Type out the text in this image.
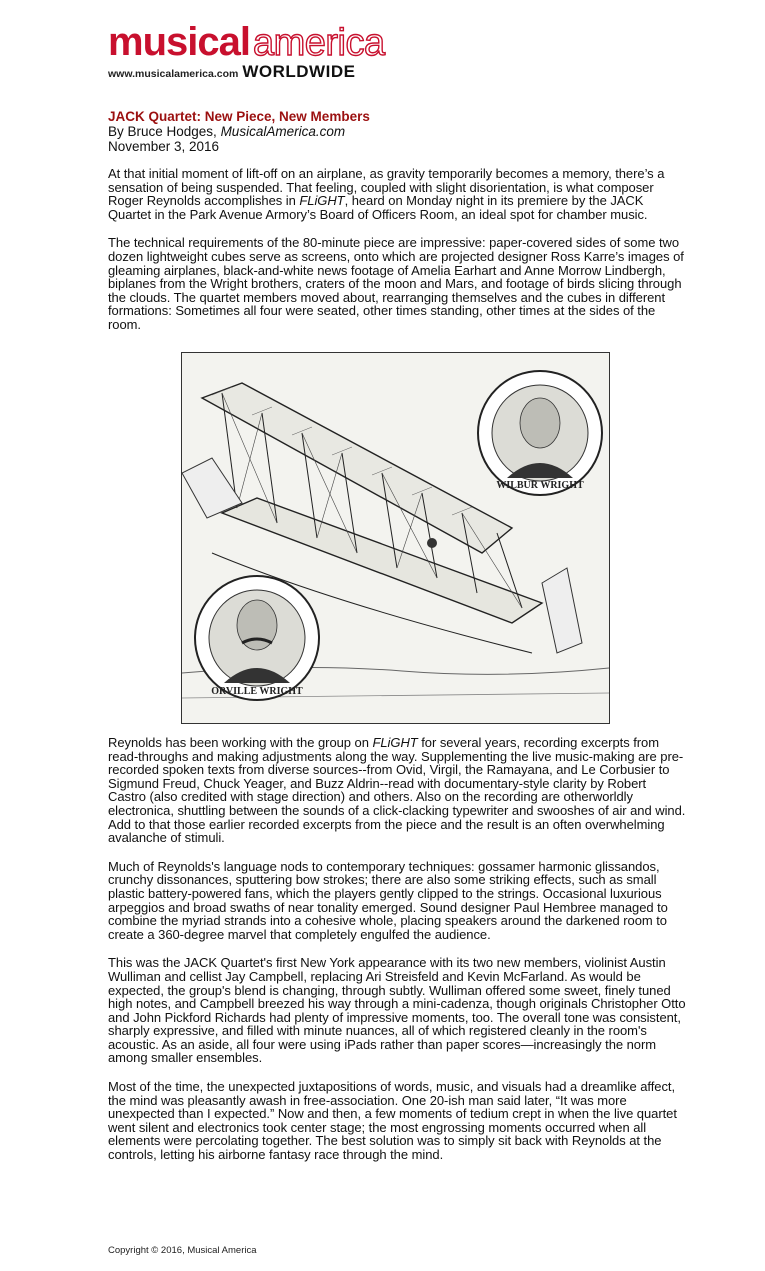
musical america
www.musicalamerica.com WORLDWIDE
JACK Quartet: New Piece, New Members
By Bruce Hodges, MusicalAmerica.com
November 3, 2016

At that initial moment of lift-off on an airplane, as gravity temporarily becomes a memory, there’s a sensation of being suspended. That feeling, coupled with slight disorientation, is what composer Roger Reynolds accomplishes in FLiGHT, heard on Monday night in its premiere by the JACK Quartet in the Park Avenue Armory’s Board of Officers Room, an ideal spot for chamber music.

The technical requirements of the 80-minute piece are impressive: paper-covered sides of some two dozen lightweight cubes serve as screens, onto which are projected designer Ross Karre’s images of gleaming airplanes, black-and-white news footage of Amelia Earhart and Anne Morrow Lindbergh, biplanes from the Wright brothers, craters of the moon and Mars, and footage of birds slicing through the clouds. The quartet members moved about, rearranging themselves and the cubes in different formations: Sometimes all four were seated, other times standing, other times at the sides of the room.

WILBUR WRIGHT
ORVILLE WRIGHT

Reynolds has been working with the group on FLiGHT for several years, recording excerpts from read-throughs and making adjustments along the way. Supplementing the live music-making are pre-recorded spoken texts from diverse sources--from Ovid, Virgil, the Ramayana, and Le Corbusier to Sigmund Freud, Chuck Yeager, and Buzz Aldrin--read with documentary-style clarity by Robert Castro (also credited with stage direction) and others. Also on the recording are otherworldly electronica, shuttling between the sounds of a click-clacking typewriter and swooshes of air and wind. Add to that those earlier recorded excerpts from the piece and the result is an often overwhelming avalanche of stimuli.

Much of Reynolds's language nods to contemporary techniques: gossamer harmonic glissandos, crunchy dissonances, sputtering bow strokes; there are also some striking effects, such as small plastic battery-powered fans, which the players gently clipped to the strings. Occasional luxurious arpeggios and broad swaths of near tonality emerged. Sound designer Paul Hembree managed to combine the myriad strands into a cohesive whole, placing speakers around the darkened room to create a 360-degree marvel that completely engulfed the audience.

This was the JACK Quartet's first New York appearance with its two new members, violinist Austin Wulliman and cellist Jay Campbell, replacing Ari Streisfeld and Kevin McFarland. As would be expected, the group's blend is changing, through subtly. Wulliman offered some sweet, finely tuned high notes, and Campbell breezed his way through a mini-cadenza, though originals Christopher Otto and John Pickford Richards had plenty of impressive moments, too. The overall tone was consistent, sharply expressive, and filled with minute nuances, all of which registered cleanly in the room's acoustic. As an aside, all four were using iPads rather than paper scores—increasingly the norm among smaller ensembles.

Most of the time, the unexpected juxtapositions of words, music, and visuals had a dreamlike affect, the mind was pleasantly awash in free-association. One 20-ish man said later, “It was more unexpected than I expected.” Now and then, a few moments of tedium crept in when the live quartet went silent and electronics took center stage; the most engrossing moments occurred when all elements were percolating together. The best solution was to simply sit back with Reynolds at the controls, letting his airborne fantasy race through the mind.

Copyright © 2016, Musical America
